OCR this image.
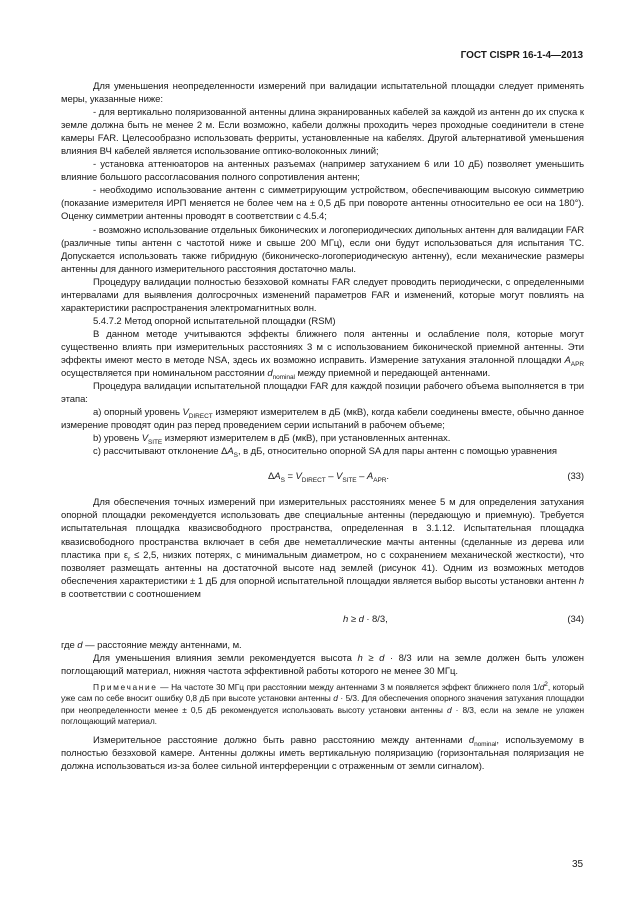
ГОСТ CISPR 16-1-4—2013

Для уменьшения неопределенности измерений при валидации испытательной площадки следует применять меры, указанные ниже:

- для вертикально поляризованной антенны длина экранированных кабелей за каждой из антенн до их спуска к земле должна быть не менее 2 м. Если возможно, кабели должны проходить через проходные соединители в стене камеры FAR. Целесообразно использовать ферриты, установленные на кабелях. Другой альтернативой уменьшения влияния ВЧ кабелей является использование оптико-волоконных линий;

- установка аттенюаторов на антенных разъемах (например затуханием 6 или 10 дБ) позволяет уменьшить влияние большого рассогласования полного сопротивления антенн;

- необходимо использование антенн с симметрирующим устройством, обеспечивающим высокую симметрию (показание измерителя ИРП меняется не более чем на ± 0,5 дБ при повороте антенны относительно ее оси на 180°). Оценку симметрии антенны проводят в соответствии с 4.5.4;

- возможно использование отдельных биконических и логопериодических дипольных антенн для валидации FAR (различные типы антенн с частотой ниже и свыше 200 МГц), если они будут использоваться для испытания ТС. Допускается использовать также гибридную (биконическо-логопериодическую антенну), если механические размеры антенны для данного измерительного расстояния достаточно малы.

Процедуру валидации полностью безэховой комнаты FAR следует проводить периодически, с определенными интервалами для выявления долгосрочных изменений параметров FAR и изменений, которые могут повлиять на характеристики распространения электромагнитных волн.

5.4.7.2 Метод опорной испытательной площадки (RSM)

В данном методе учитываются эффекты ближнего поля антенны и ослабление поля, которые могут существенно влиять при измерительных расстояниях 3 м с использованием биконической приемной антенны. Эти эффекты имеют место в методе NSA, здесь их возможно исправить. Измерение затухания эталонной площадки $A_{APR}$ осуществляется при номинальном расстоянии $d_{nominal}$ между приемной и передающей антеннами.

Процедура валидации испытательной площадки FAR для каждой позиции рабочего объема выполняется в три этапа:

a) опорный уровень $V_{DIRECT}$ измеряют измерителем в дБ (мкВ), когда кабели соединены вместе, обычно данное измерение проводят один раз перед проведением серии испытаний в рабочем объеме;

b) уровень $V_{SITE}$ измеряют измерителем в дБ (мкВ), при установленных антеннах.

c) рассчитывают отклонение $\Delta A_S$, в дБ, относительно опорной SA для пары антенн с помощью уравнения

$\Delta A_S = V_{DIRECT} - V_{SITE} - A_{APR}$.	(33)

Для обеспечения точных измерений при измерительных расстояниях менее 5 м для определения затухания опорной площадки рекомендуется использовать две специальные антенны (передающую и приемную). Требуется испытательная площадка квазисвободного пространства, определенная в 3.1.12. Испытательная площадка квазисвободного пространства включает в себя две неметаллические мачты антенны (сделанные из дерева или пластика при $\varepsilon_r \le 2,5$, низких потерях, с минимальным диаметром, но с сохранением механической жесткости), что позволяет размещать антенны на достаточной высоте над землей (рисунок 41). Одним из возможных методов обеспечения характеристики ± 1 дБ для опорной испытательной площадки является выбор высоты установки антенн h в соответствии с соотношением

h ≥ d · 8/3,	(34)

где d — расстояние между антеннами, м.

Для уменьшения влияния земли рекомендуется высота h ≥ d · 8/3 или на земле должен быть уложен поглощающий материал, нижняя частота эффективной работы которого не менее 30 МГц.

Примечание — На частоте 30 МГц при расстоянии между антеннами 3 м появляется эффект ближнего поля $1/d^2$, который уже сам по себе вносит ошибку 0,8 дБ при высоте установки антенны d · 5/3. Для обеспечения опорного значения затухания площадки при неопределенности менее ± 0,5 дБ рекомендуется использовать высоту установки антенны d · 8/3, если на земле не уложен поглощающий материал.

Измерительное расстояние должно быть равно расстоянию между антеннами $d_{nominal}$, используемому в полностью безэховой камере. Антенны должны иметь вертикальную поляризацию (горизонтальная поляризация не должна использоваться из-за более сильной интерференции с отраженным от земли сигналом).

35
